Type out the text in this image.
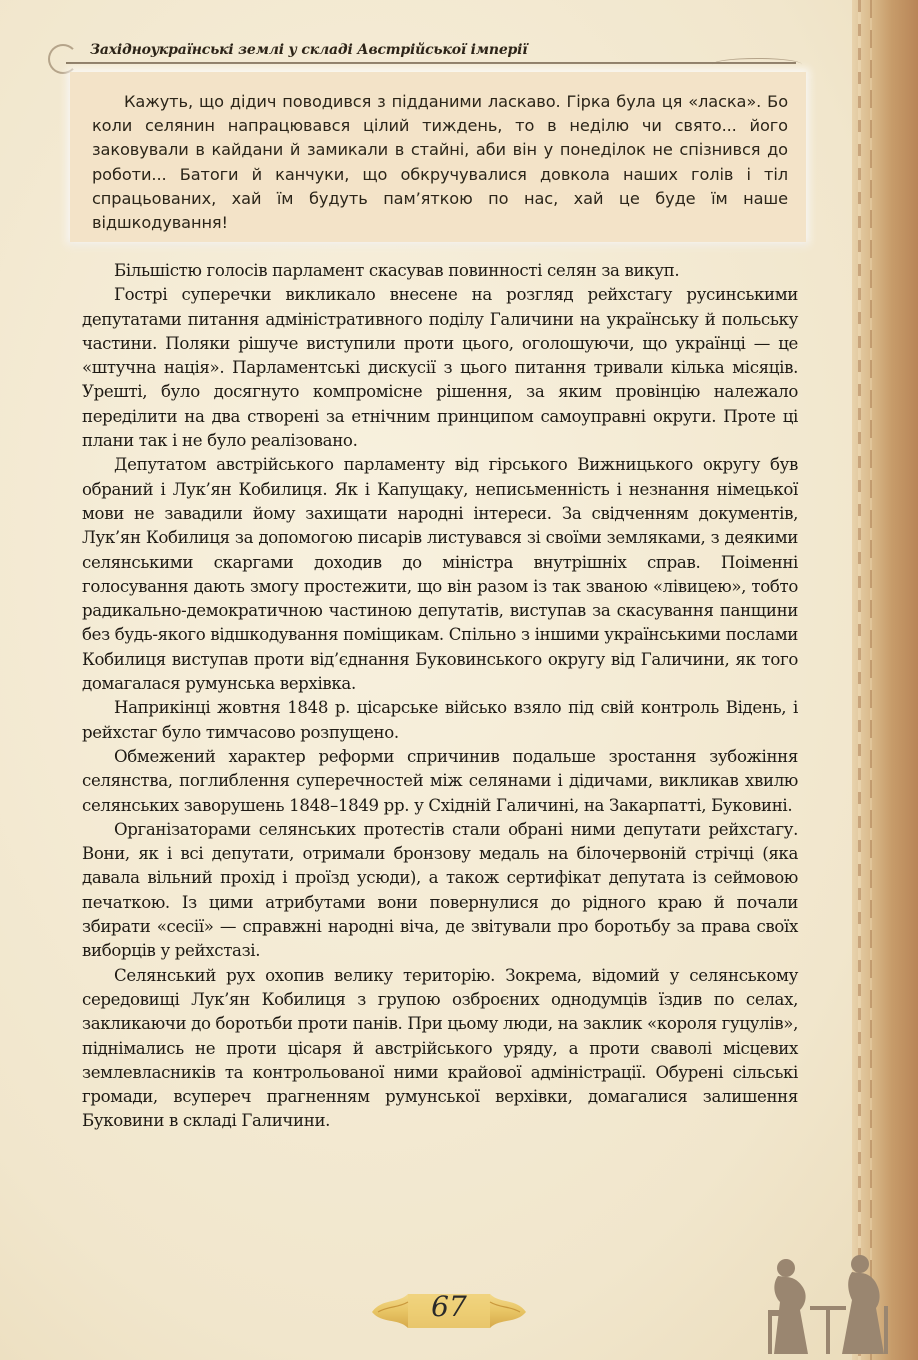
Західноукраїнські землі у складі Австрійської імперії

Кажуть, що дідич поводився з підданими ласкаво. Гірка була ця «ласка». Бо коли селянин напрацювався цілий тиждень, то в неділю чи свято... його заковували в кайдани й замикали в стайні, аби він у понеділок не спізнився до роботи... Батоги й канчуки, що обкручувалися довкола наших голів і тіл спрацьованих, хай їм будуть пам’яткою по нас, хай це буде їм наше відшкодування!

Більшістю голосів парламент скасував повинності селян за викуп.

Гострі суперечки викликало внесене на розгляд рейхстагу русинськими депутатами питання адміністративного поділу Галичини на українську й польську частини. Поляки рішуче виступили проти цього, оголошуючи, що українці — це «штучна нація». Парламентські дискусії з цього питання тривали кілька місяців. Урешті, було досягнуто компромісне рішення, за яким провінцію належало переділити на два створені за етнічним принципом самоуправні округи. Проте ці плани так і не було реалізовано.

Депутатом австрійського парламенту від гірського Вижницького округу був обраний і Лук’ян Кобилиця. Як і Капущаку, неписьменність і незнання німецької мови не завадили йому захищати народні інтереси. За свідченням документів, Лук’ян Кобилиця за допомогою писарів листувався зі своїми земляками, з деякими селянськими скаргами доходив до міністра внутрішніх справ. Поіменні голосування дають змогу простежити, що він разом із так званою «лівицею», тобто радикально-демократичною частиною депутатів, виступав за скасування панщини без будь-якого відшкодування поміщикам. Спільно з іншими українськими послами Кобилиця виступав проти від’єднання Буковинського округу від Галичини, як того домагалася румунська верхівка.

Наприкінці жовтня 1848 р. цісарське військо взяло під свій контроль Відень, і рейхстаг було тимчасово розпущено.

Обмежений характер реформи спричинив подальше зростання зубожіння селянства, поглиблення суперечностей між селянами і дідичами, викликав хвилю селянських заворушень 1848–1849 рр. у Східній Галичині, на Закарпатті, Буковині.

Організаторами селянських протестів стали обрані ними депутати рейхстагу. Вони, як і всі депутати, отримали бронзову медаль на білочервоній стрічці (яка давала вільний прохід і проїзд усюди), а також сертифікат депутата із сеймовою печаткою. Із цими атрибутами вони повернулися до рідного краю й почали збирати «сесії» — справжні народні віча, де звітували про боротьбу за права своїх виборців у рейхстазі.

Селянський рух охопив велику територію. Зокрема, відомий у селянському середовищі Лук’ян Кобилиця з групою озброєних однодумців їздив по селах, закликаючи до боротьби проти панів. При цьому люди, на заклик «короля гуцулів», піднімались не проти цісаря й австрійського уряду, а проти сваволі місцевих землевласників та контрольованої ними крайової адміністрації. Обурені сільські громади, всупереч прагненням румунської верхівки, домагалися залишення Буковини в складі Галичини.

67
